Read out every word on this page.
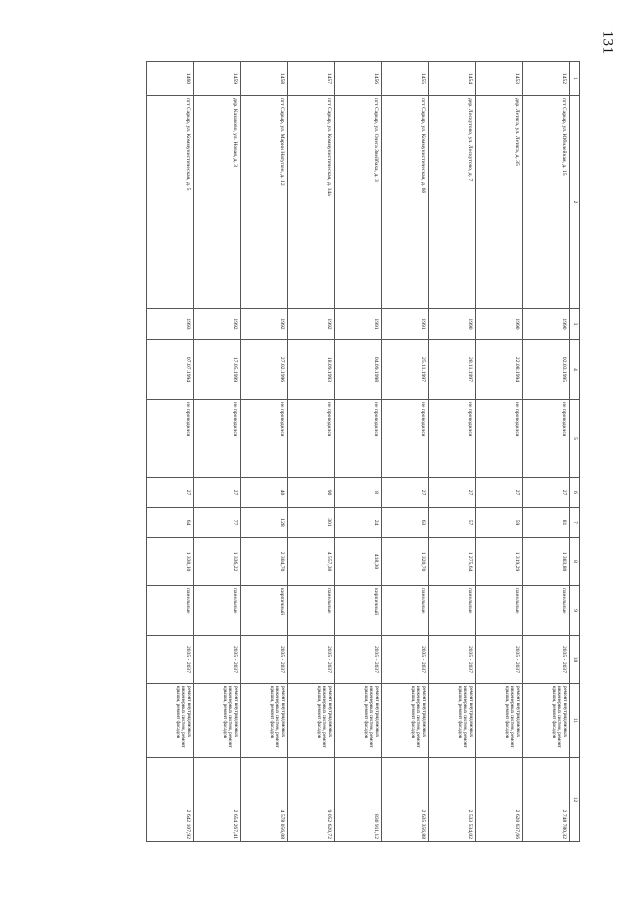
131
1	2	3	4	5	6	7	8	9	10	11	12
1452	пгт Сарыр, ул. Юбилейная, д. 15	1990	02.03.1995	не проводился	27	81	1 383,80	панельные	2035 - 2037	ремонт внутридомовых инженерных систем, ремонт крыши, ремонт фасадов	2 748 780,32
1453	дер. Летяга, ул. Летяга, д. 35	1990	22.08.1994	не проводился	27	59	1 319,29	панельные	2035 - 2037	ремонт внутридомовых инженерных систем, ремонт крыши, ремонт фасадов	2 620 637,66
1454	дер. Лоскутово, ул. Лоскутово, д. 7	1990	28.11.1997	не проводился	27	57	1 275,64	панельные	2035 - 2037	ремонт внутридомовых инженерных систем, ремонт крыши, ремонт фасадов	2 533 534,02
1455	пгт Сарыр, ул. Коммунистическая, д. 6б	1991	25.11.1997	не проводился	27	63	1 320,70	панельные	2035 - 2037	ремонт внутридомовых инженерных систем, ремонт крыши, ремонт фасадов	2 635 356,88
1456	пгт Сарыр, ул. Олега Звейбаха, д. 3	1991	04.09.1998	не проводился	8	24	418,30	кирпичный	2035 - 2037	ремонт внутридомовых инженерных систем, ремонт крыши, ремонт фасадов	830 911,12
1457	пгт Сарыр, ул. Коммунистическая, д. 14а	1992	18.09.1993	не проводился	90	301	4 557,30	панельные	2035 - 2037	ремонт внутридомовых инженерных систем, ремонт крыши, ремонт фасадов	9 052 620,72
1458	пгт Сарыр, ул. Марии Натупон, д. 12	1992	27.02.1996	не проводился	40	128	2 304,70	кирпичный	2035 - 2037	ремонт внутридомовых инженерных систем, ремонт крыши, ремонт фасадов	4 578 056,08
1459	дер. Казаково, ул. Новая, д. 3	1992	17.05.1999	не проводился	27	77	1 336,22	панельные	2035 - 2037	ремонт внутридомовых инженерных систем, ремонт крыши, ремонт фасадов	2 654 267,41
1460	пгт Сарыр, ул. Коммунистическая, д. 5	1993	07.07.1994	не проводился	27	64	1 330,10	панельные	2035 - 2037	ремонт внутридомовых инженерных систем, ремонт крыши, ремонт фасадов	2 642 107,92
